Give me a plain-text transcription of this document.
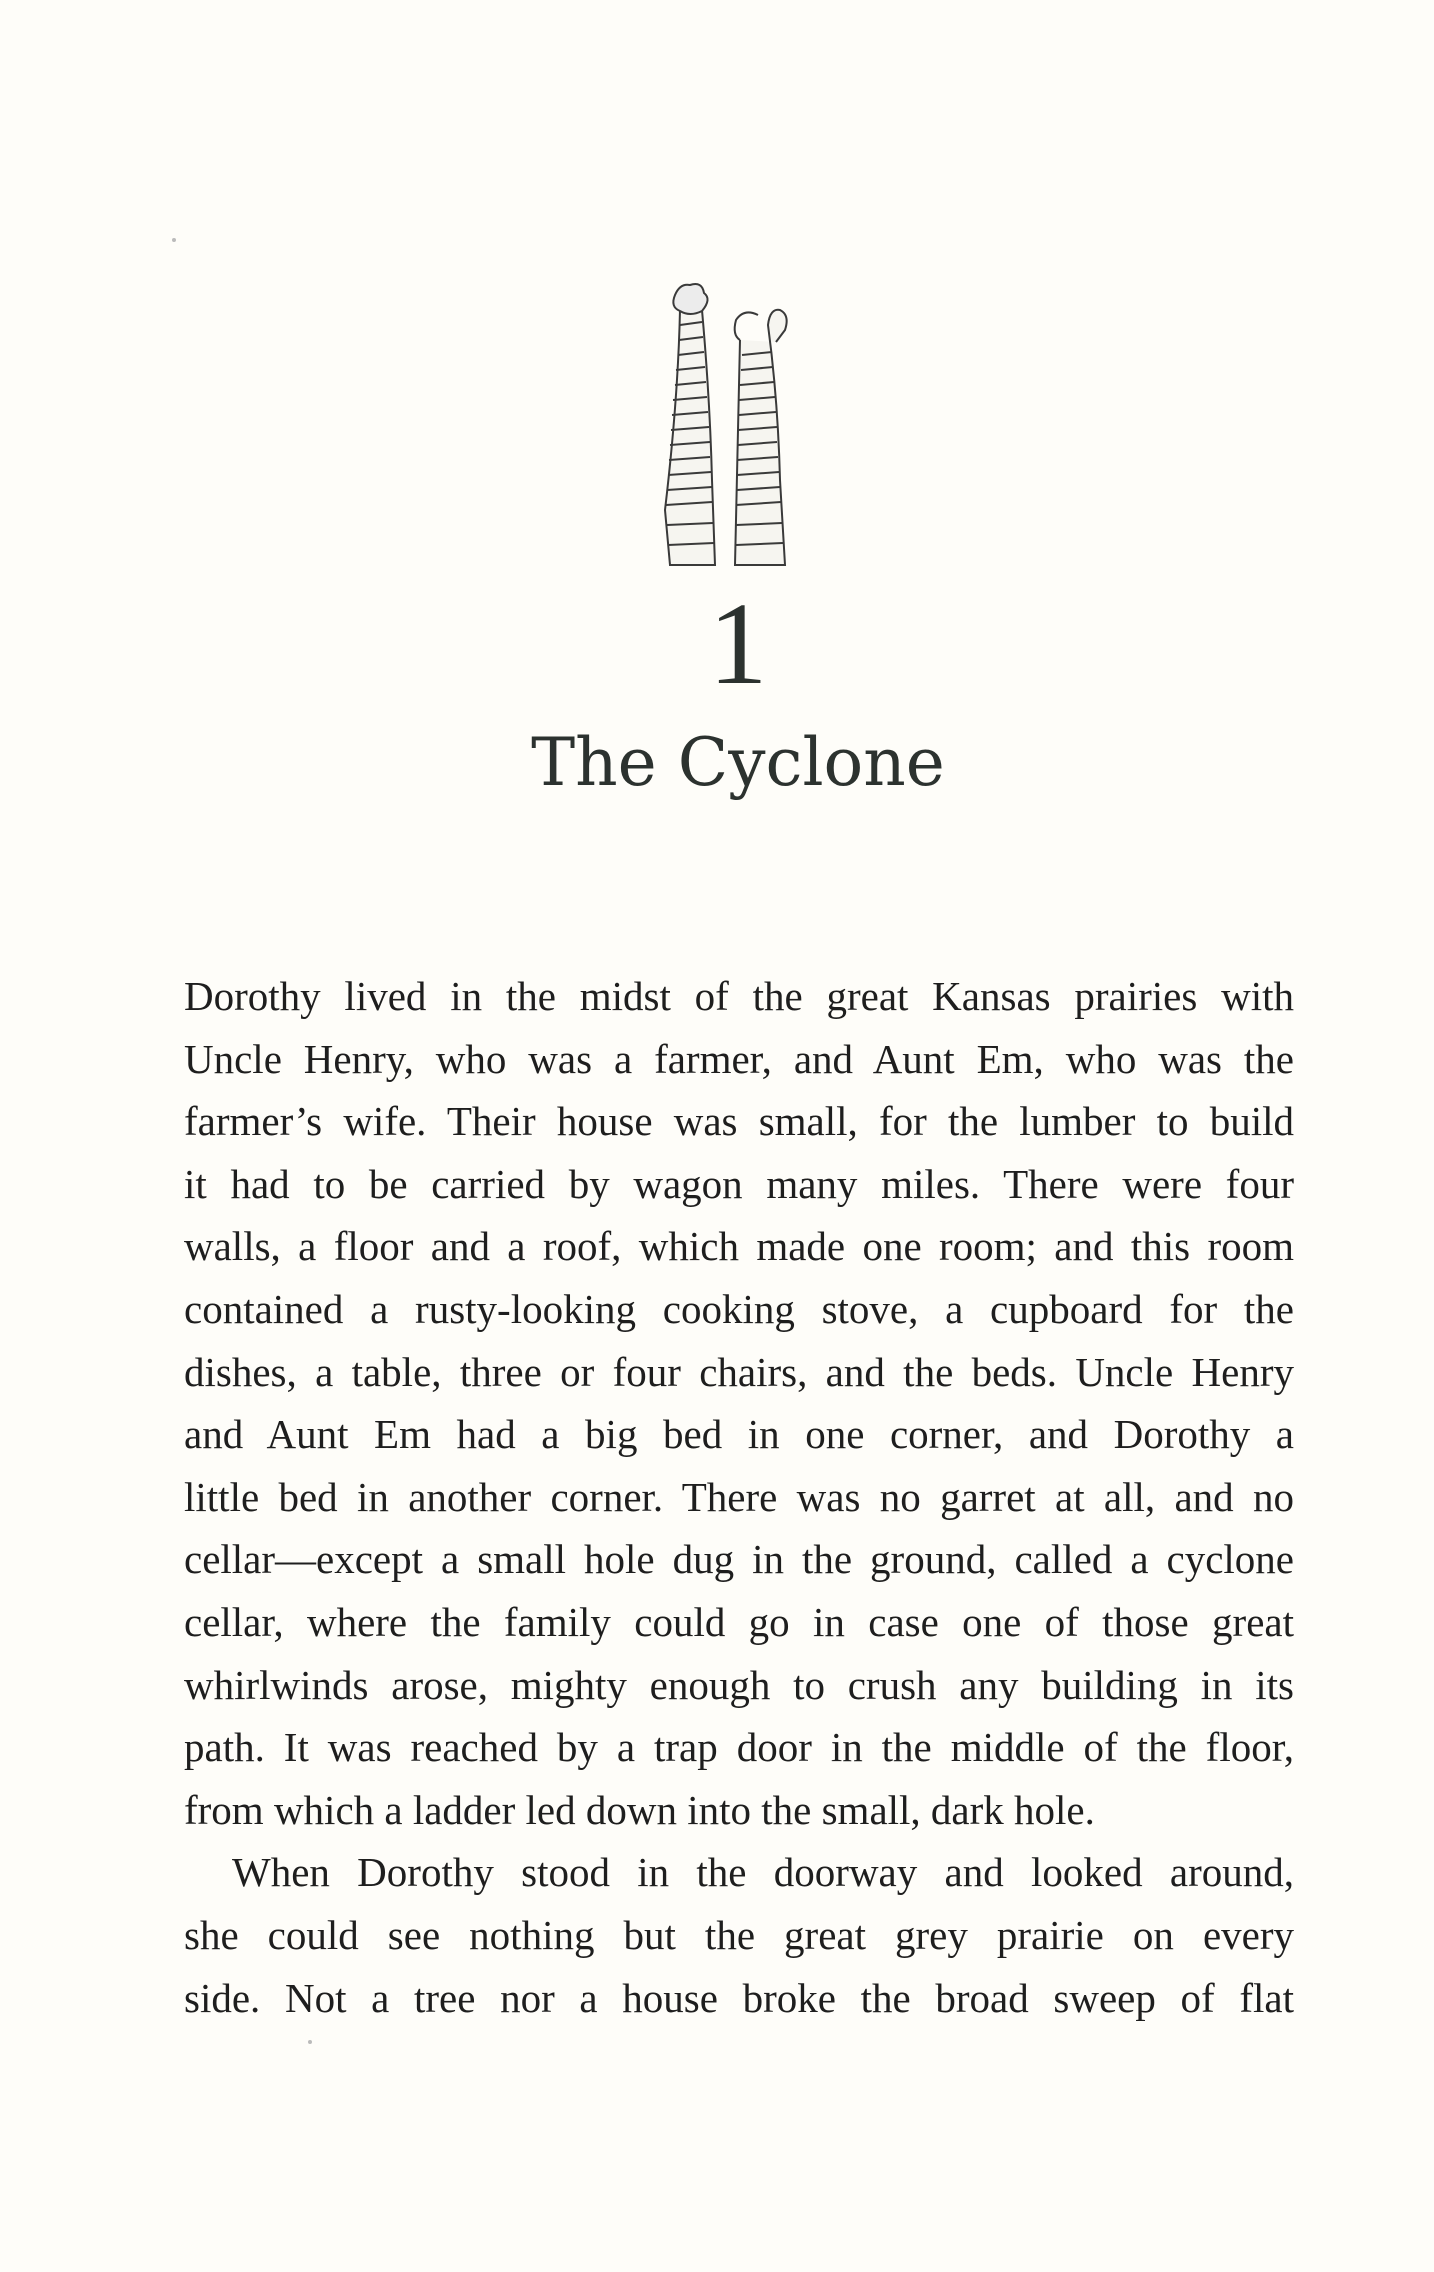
1
The Cyclone
Dorothy lived in the midst of the great Kansas prairies with
Uncle Henry, who was a farmer, and Aunt Em, who was the
farmer’s wife. Their house was small, for the lumber to build
it had to be carried by wagon many miles. There were four
walls, a floor and a roof, which made one room; and this room
contained a rusty-looking cooking stove, a cupboard for the
dishes, a table, three or four chairs, and the beds. Uncle Henry
and Aunt Em had a big bed in one corner, and Dorothy a
little bed in another corner. There was no garret at all, and no
cellar—except a small hole dug in the ground, called a cyclone
cellar, where the family could go in case one of those great
whirlwinds arose, mighty enough to crush any building in its
path. It was reached by a trap door in the middle of the floor,
from which a ladder led down into the small, dark hole.
When Dorothy stood in the doorway and looked around,
she could see nothing but the great grey prairie on every
side. Not a tree nor a house broke the broad sweep of flat
